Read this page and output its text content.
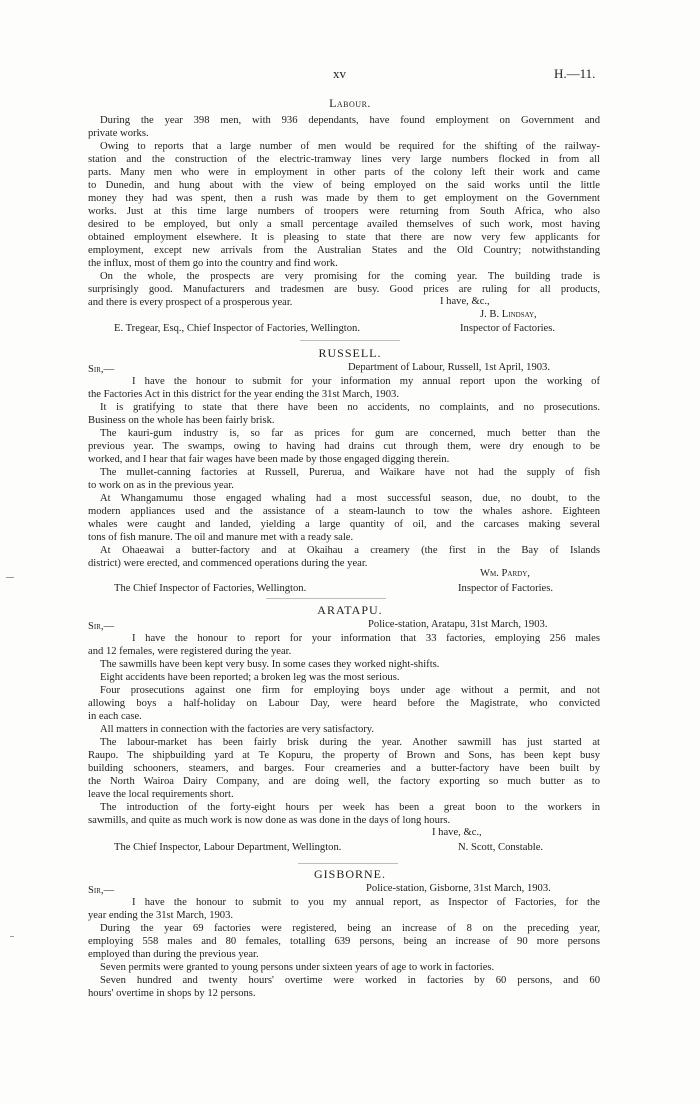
xv	H.—11.
Labour.
During the year 398 men, with 936 dependants, have found employment on Government and
private works.
Owing to reports that a large number of men would be required for the shifting of the railway-
station and the construction of the electric-tramway lines very large numbers flocked in from all
parts. Many men who were in employment in other parts of the colony left their work and came
to Dunedin, and hung about with the view of being employed on the said works until the little
money they had was spent, then a rush was made by them to get employment on the Government
works. Just at this time large numbers of troopers were returning from South Africa, who also
desired to be employed, but only a small percentage availed themselves of such work, most having
obtained employment elsewhere. It is pleasing to state that there are now very few applicants for
employment, except new arrivals from the Australian States and the Old Country; notwithstanding
the influx, most of them go into the country and find work.
On the whole, the prospects are very promising for the coming year. The building trade is
surprisingly good. Manufacturers and tradesmen are busy. Good prices are ruling for all products,
and there is every prospect of a prosperous year.	I have, &c.,
J. B. Lindsay,
E. Tregear, Esq., Chief Inspector of Factories, Wellington.	Inspector of Factories.
RUSSELL.
Sir,—	Department of Labour, Russell, 1st April, 1903.
I have the honour to submit for your information my annual report upon the working of
the Factories Act in this district for the year ending the 31st March, 1903.
It is gratifying to state that there have been no accidents, no complaints, and no prosecutions.
Business on the whole has been fairly brisk.
The kauri-gum industry is, so far as prices for gum are concerned, much better than the
previous year. The swamps, owing to having had drains cut through them, were dry enough to be
worked, and I hear that fair wages have been made by those engaged digging therein.
The mullet-canning factories at Russell, Purerua, and Waikare have not had the supply of fish
to work on as in the previous year.
At Whangamumu those engaged whaling had a most successful season, due, no doubt, to the
modern appliances used and the assistance of a steam-launch to tow the whales ashore. Eighteen
whales were caught and landed, yielding a large quantity of oil, and the carcases making several
tons of fish manure. The oil and manure met with a ready sale.
At Ohaeawai a butter-factory and at Okaihau a creamery (the first in the Bay of Islands
district) were erected, and commenced operations during the year.
Wm. Pardy,
The Chief Inspector of Factories, Wellington.	Inspector of Factories.
ARATAPU.
Sir,—	Police-station, Aratapu, 31st March, 1903.
I have the honour to report for your information that 33 factories, employing 256 males
and 12 females, were registered during the year.
The sawmills have been kept very busy. In some cases they worked night-shifts.
Eight accidents have been reported; a broken leg was the most serious.
Four prosecutions against one firm for employing boys under age without a permit, and not
allowing boys a half-holiday on Labour Day, were heard before the Magistrate, who convicted
in each case.
All matters in connection with the factories are very satisfactory.
The labour-market has been fairly brisk during the year. Another sawmill has just started at
Raupo. The shipbuilding yard at Te Kopuru, the property of Brown and Sons, has been kept busy
building schooners, steamers, and barges. Four creameries and a butter-factory have been built by
the North Wairoa Dairy Company, and are doing well, the factory exporting so much butter as to
leave the local requirements short.
The introduction of the forty-eight hours per week has been a great boon to the workers in
sawmills, and quite as much work is now done as was done in the days of long hours.
I have, &c.,
The Chief Inspector, Labour Department, Wellington.	N. Scott, Constable.
GISBORNE.
Sir,—	Police-station, Gisborne, 31st March, 1903.
I have the honour to submit to you my annual report, as Inspector of Factories, for the
year ending the 31st March, 1903.
During the year 69 factories were registered, being an increase of 8 on the preceding year,
employing 558 males and 80 females, totalling 639 persons, being an increase of 90 more persons
employed than during the previous year.
Seven permits were granted to young persons under sixteen years of age to work in factories.
Seven hundred and twenty hours' overtime were worked in factories by 60 persons, and 60
hours' overtime in shops by 12 persons.
